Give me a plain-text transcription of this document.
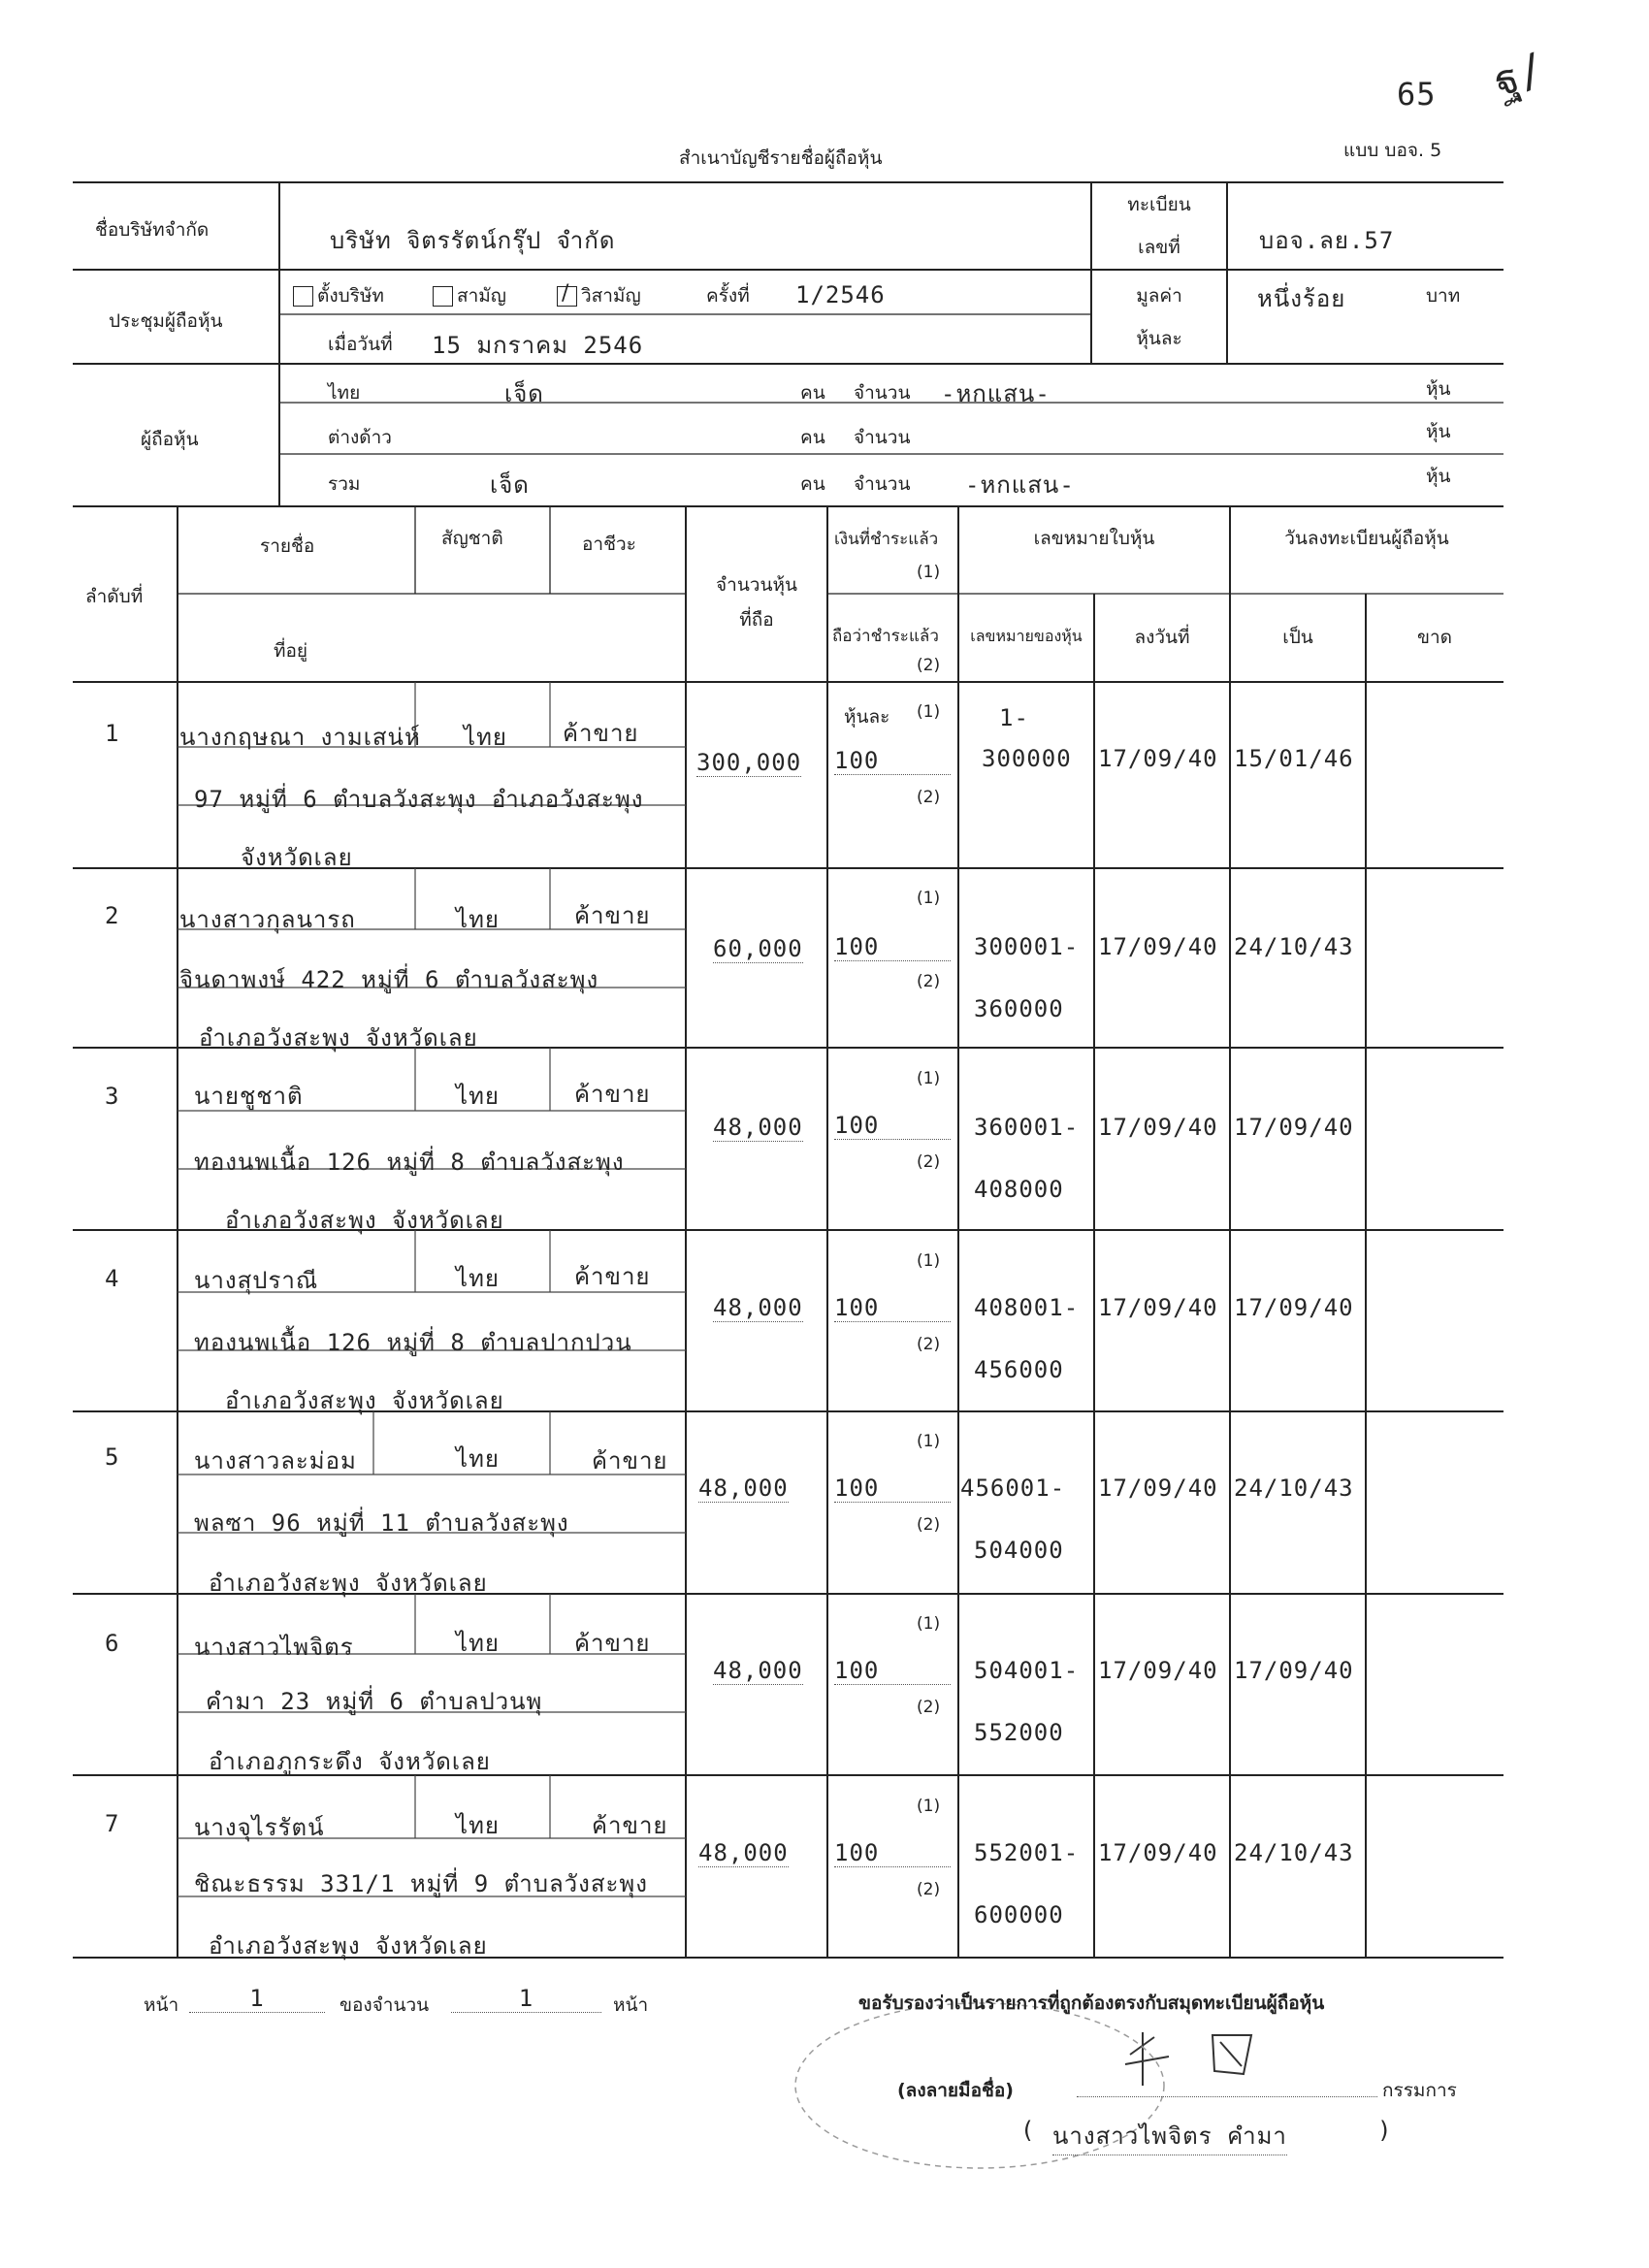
65 ฐ/
สำเนาบัญชีรายชื่อผู้ถือหุ้น	แบบ บอจ. 5
ชื่อบริษัทจำกัด	บริษัท จิตรรัตน์กรุ๊ป จำกัด
ทะเบียน
เลขที่	บอจ.ลย.57
ประชุมผู้ถือหุ้น
ตั้งบริษัท	สามัญ
/	วิสามัญ	ครั้งที่ 1/2546
เมื่อวันที่ 15 มกราคม 2546
มูลค่า
หุ้นละ
หนึ่งร้อย	บาท
ผู้ถือหุ้น
ไทย	เจ็ด	คน จำนวน -หกแสน-	หุ้น
ต่างด้าว	คน จำนวน	หุ้น
รวม	เจ็ด	คน จำนวน -หกแสน-	หุ้น
ลำดับที่
รายชื่อ	สัญชาติ	อาชีวะ
ที่อยู่
จำนวนหุ้น
ที่ถือ
เงินที่ชำระแล้ว
(1)
ถือว่าชำระแล้ว
(2)
เลขหมายใบหุ้น
เลขหมายของหุ้น	ลงวันที่
วันลงทะเบียนผู้ถือหุ้น
เป็น	ขาด
1	นางกฤษณา งามเสน่ห์ ไทย ค้าขาย
97 หมู่ที่ 6 ตำบลวังสะพุง อำเภอวังสะพุง
จังหวัดเลย
300,000
หุ้นละ (1)
100
(2)
1-
300000 17/09/40 15/01/46
2	นางสาวกุลนารถ	ไทย	ค้าขาย
จินดาพงษ์ 422 หมู่ที่ 6 ตำบลวังสะพุง
อำเภอวังสะพุง จังหวัดเลย
60,000
(1)
100
(2)
300001-
360000
17/09/40 24/10/43
3	นายชูชาติ	ไทย	ค้าขาย
ทองนพเนื้อ 126 หมู่ที่ 8 ตำบลวังสะพุง
อำเภอวังสะพุง จังหวัดเลย
48,000
(1)
100
(2)
360001-
408000
17/09/40 17/09/40
4	นางสุปราณี	ไทย	ค้าขาย
ทองนพเนื้อ 126 หมู่ที่ 8 ตำบลปากปวน
อำเภอวังสะพุง จังหวัดเลย
48,000
(1)
100
(2)
408001-
456000
17/09/40 17/09/40
5	นางสาวละม่อม	ไทย	ค้าขาย
พลซา 96 หมู่ที่ 11 ตำบลวังสะพุง
อำเภอวังสะพุง จังหวัดเลย
48,000
(1)
100
(2)
456001-
504000
17/09/40 24/10/43
6	นางสาวไพจิตร	ไทย	ค้าขาย
คำมา 23 หมู่ที่ 6 ตำบลปวนพุ
อำเภอภูกระดึง จังหวัดเลย
48,000
(1)
100
(2)
504001-
552000
17/09/40 17/09/40
7	นางจุไรรัตน์	ไทย	ค้าขาย
ชิณะธรรม 331/1 หมู่ที่ 9 ตำบลวังสะพุง
อำเภอวังสะพุง จังหวัดเลย
48,000
(1)
100
(2)
552001-
600000
17/09/40 24/10/43
หน้า	1	ของจำนวน	1	หน้า	ขอรับรองว่าเป็นรายการที่ถูกต้องตรงกับสมุดทะเบียนผู้ถือหุ้น
(ลงลายมือชื่อ)	กรรมการ
( นางสาวไพจิตร คำมา	)
